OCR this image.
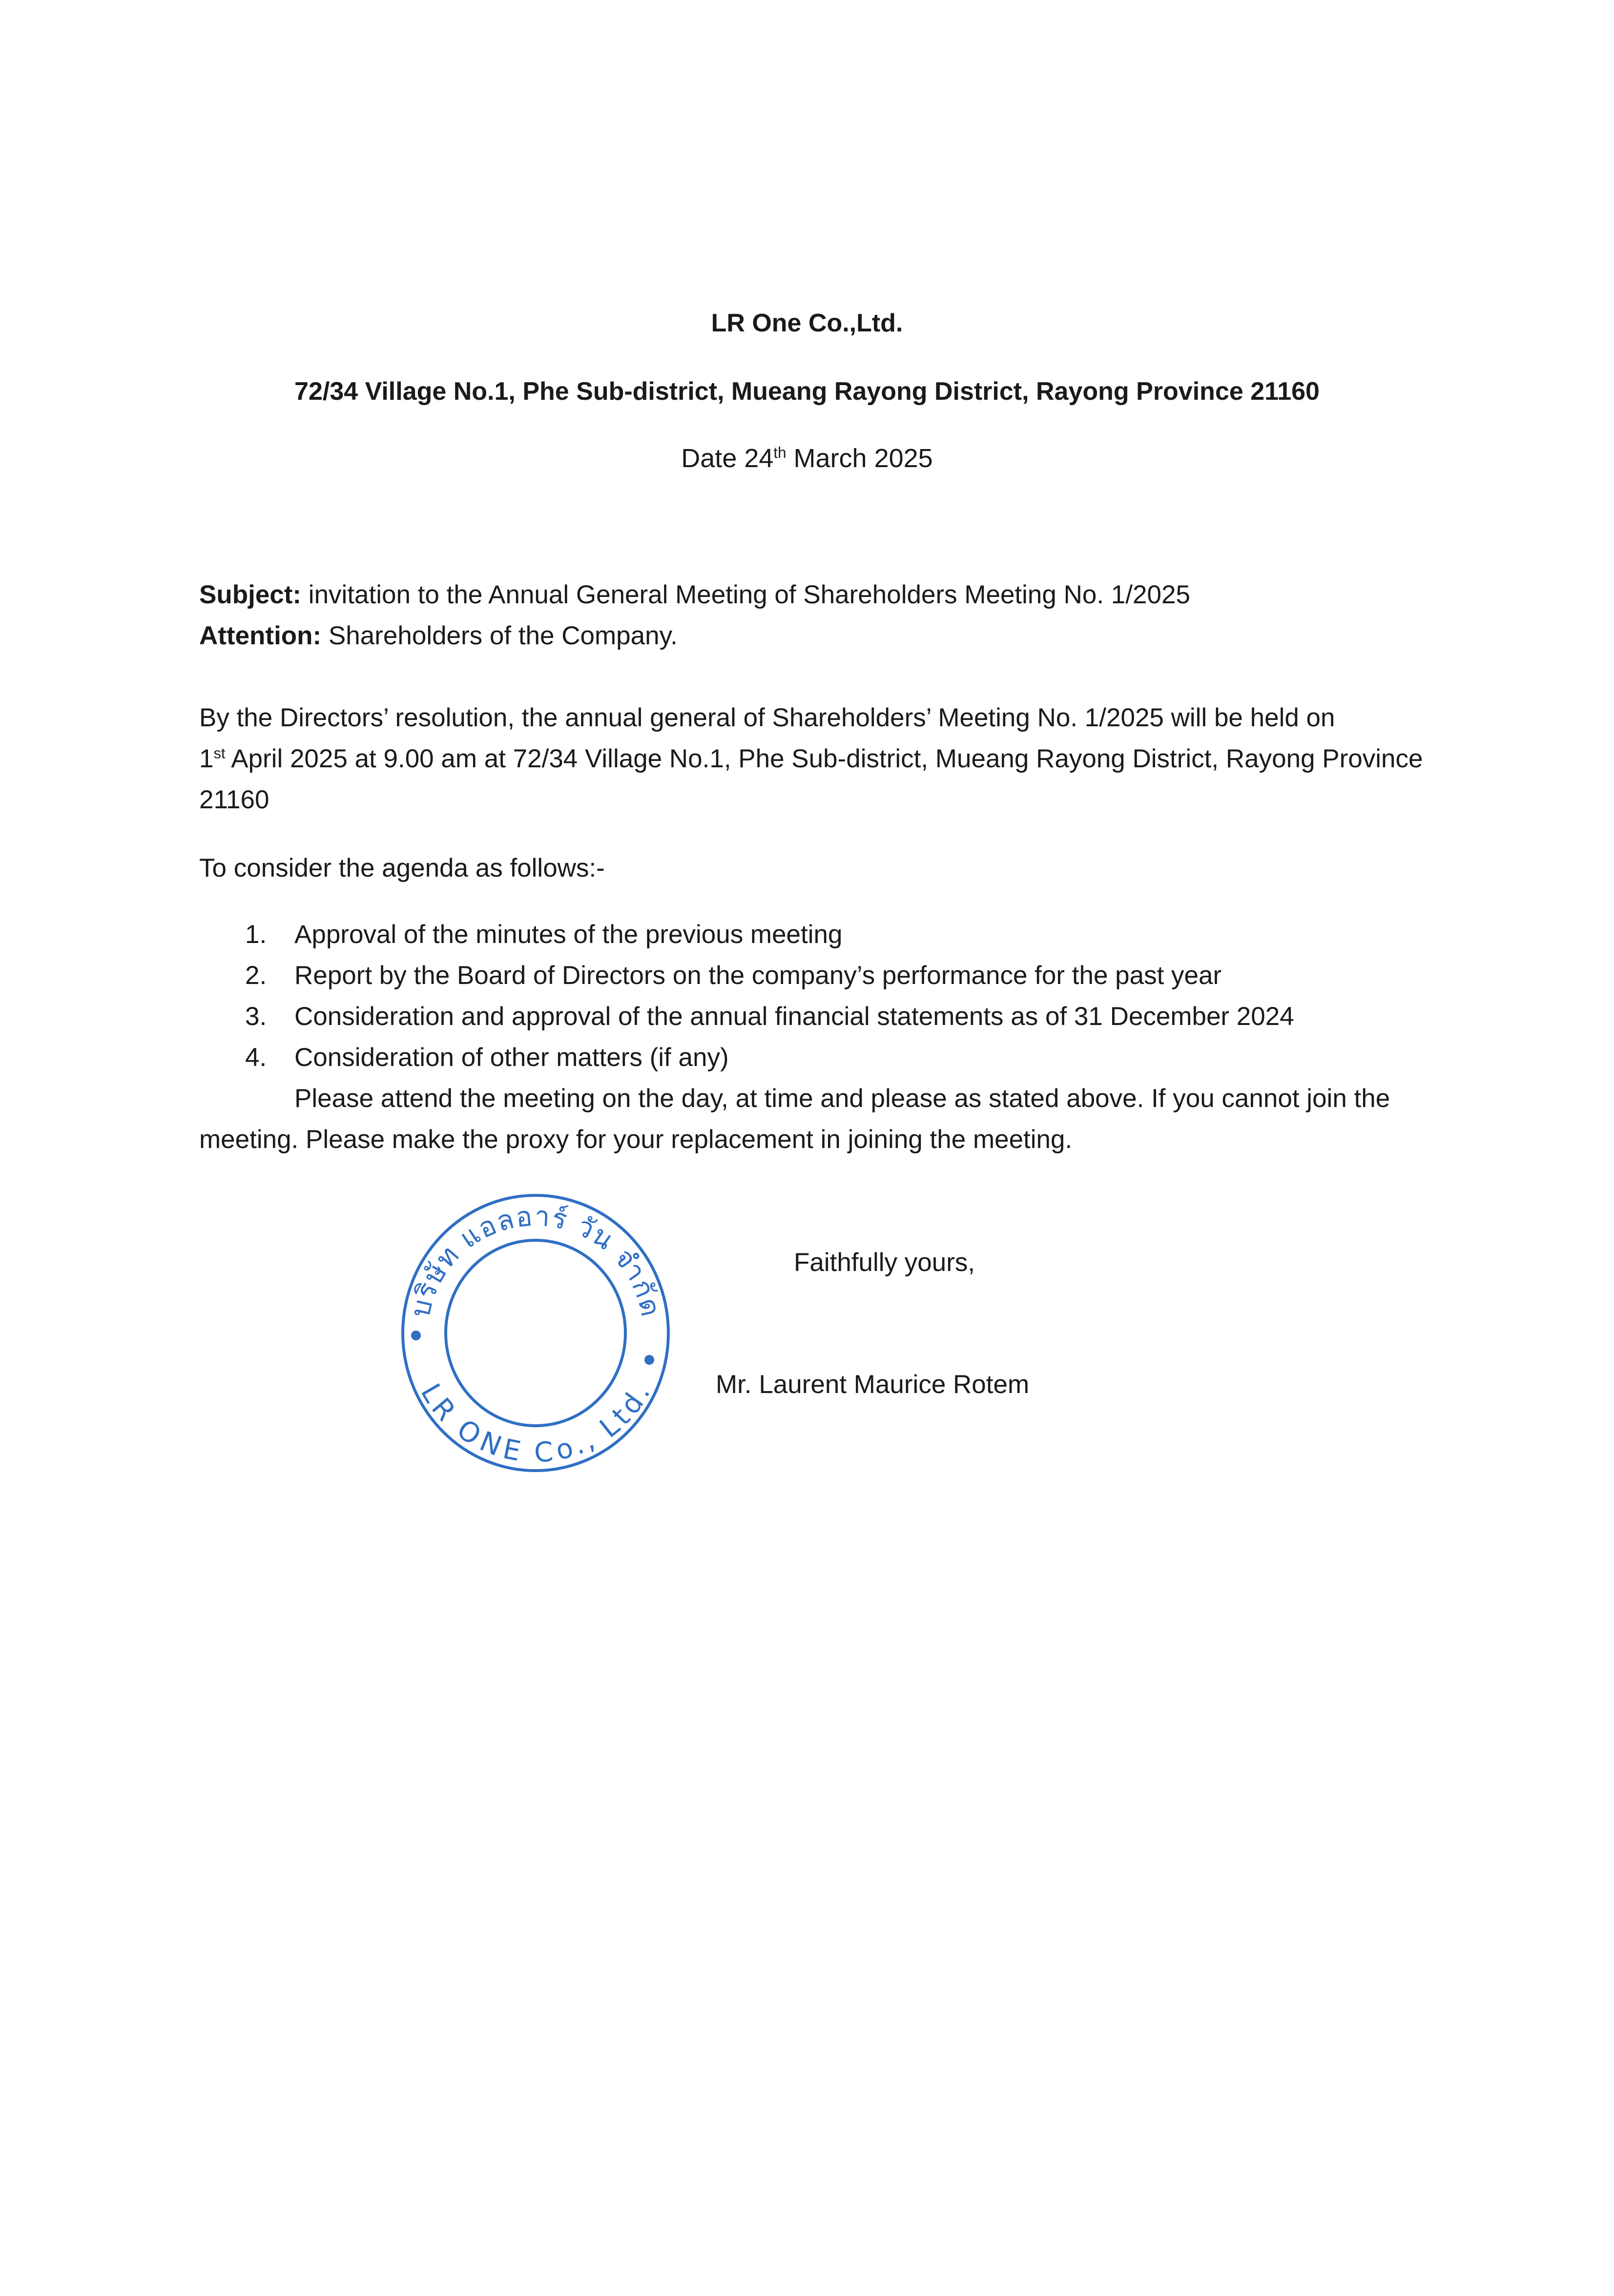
LR One Co.,Ltd.
72/34 Village No.1, Phe Sub-district, Mueang Rayong District, Rayong Province 21160
Date 24th March 2025
Subject: invitation to the Annual General Meeting of Shareholders Meeting No. 1/2025
Attention: Shareholders of the Company.
By the Directors’ resolution, the annual general of Shareholders’ Meeting No. 1/2025 will be held on
1st April 2025 at 9.00 am at 72/34 Village No.1, Phe Sub-district, Mueang Rayong District, Rayong Province
21160
To consider the agenda as follows:-
1. Approval of the minutes of the previous meeting
2. Report by the Board of Directors on the company’s performance for the past year
3. Consideration and approval of the annual financial statements as of 31 December 2024
4. Consideration of other matters (if any)
Please attend the meeting on the day, at time and please as stated above. If you cannot join the
meeting. Please make the proxy for your replacement in joining the meeting.
บริษัท แอลอาร์ วัน จำกัด
LR ONE Co., Ltd.
Faithfully yours,
Mr. Laurent Maurice Rotem
